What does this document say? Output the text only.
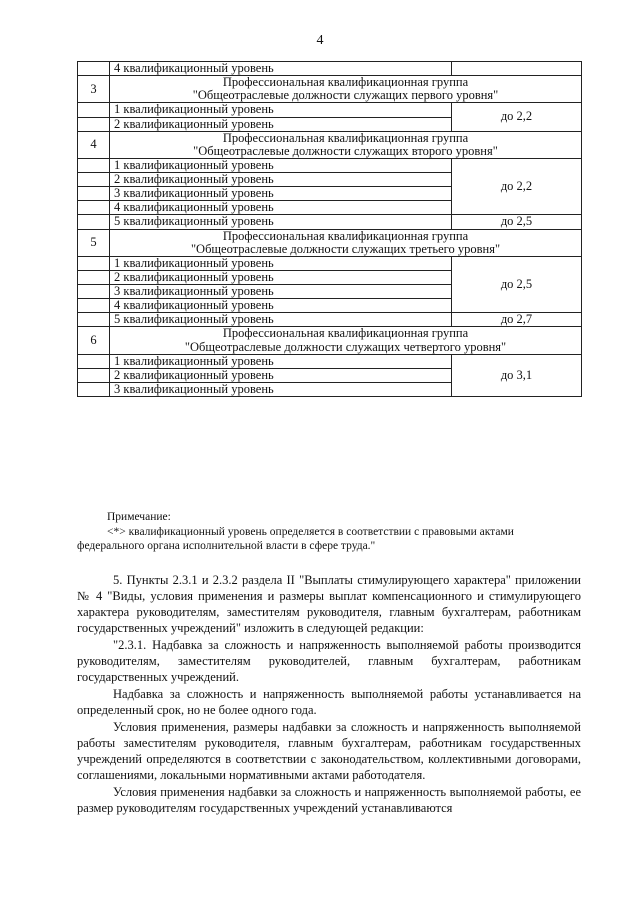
4
	4 квалификационный уровень	
3	Профессиональная квалификационная группа
"Общеотраслевые должности служащих первого уровня"	

	1 квалификационный уровень	до 2,2
	2 квалификационный уровень	
4	Профессиональная квалификационная группа
"Общеотраслевые должности служащих второго уровня"	

	1 квалификационный уровень	до 2,2
	2 квалификационный уровень	
	3 квалификационный уровень	
	4 квалификационный уровень	
	5 квалификационный уровень	до 2,5
5	Профессиональная квалификационная группа
"Общеотраслевые должности служащих третьего уровня"	

	1 квалификационный уровень	до 2,5
	2 квалификационный уровень	
	3 квалификационный уровень	
	4 квалификационный уровень	
	5 квалификационный уровень	до 2,7
6	Профессиональная квалификационная группа
"Общеотраслевые должности служащих четвертого уровня"	

	1 квалификационный уровень	до 3,1
	2 квалификационный уровень	
	3 квалификационный уровень	
Примечание:
<*> квалификационный уровень определяется в соответствии с правовыми актами
федерального органа исполнительной власти в сфере труда."

5. Пункты 2.3.1 и 2.3.2 раздела II "Выплаты стимулирующего характера" приложении № 4 "Виды, условия применения и размеры выплат компенсационного и стимулирующего характера руководителям, заместителям руководителя, главным бухгалтерам, работникам государственных учреждений" изложить в следующей редакции:

"2.3.1. Надбавка за сложность и напряженность выполняемой работы производится руководителям, заместителям руководителей, главным бухгалтерам, работникам государственных учреждений.

Надбавка за сложность и напряженность выполняемой работы устанавливается на определенный срок, но не более одного года.

Условия применения, размеры надбавки за сложность и напряженность выполняемой работы заместителям руководителя, главным бухгалтерам, работникам государственных учреждений определяются в соответствии с законодательством, коллективными договорами, соглашениями, локальными нормативными актами работодателя.

Условия применения надбавки за сложность и напряженность выполняемой работы, ее размер руководителям государственных учреждений устанавливаются
